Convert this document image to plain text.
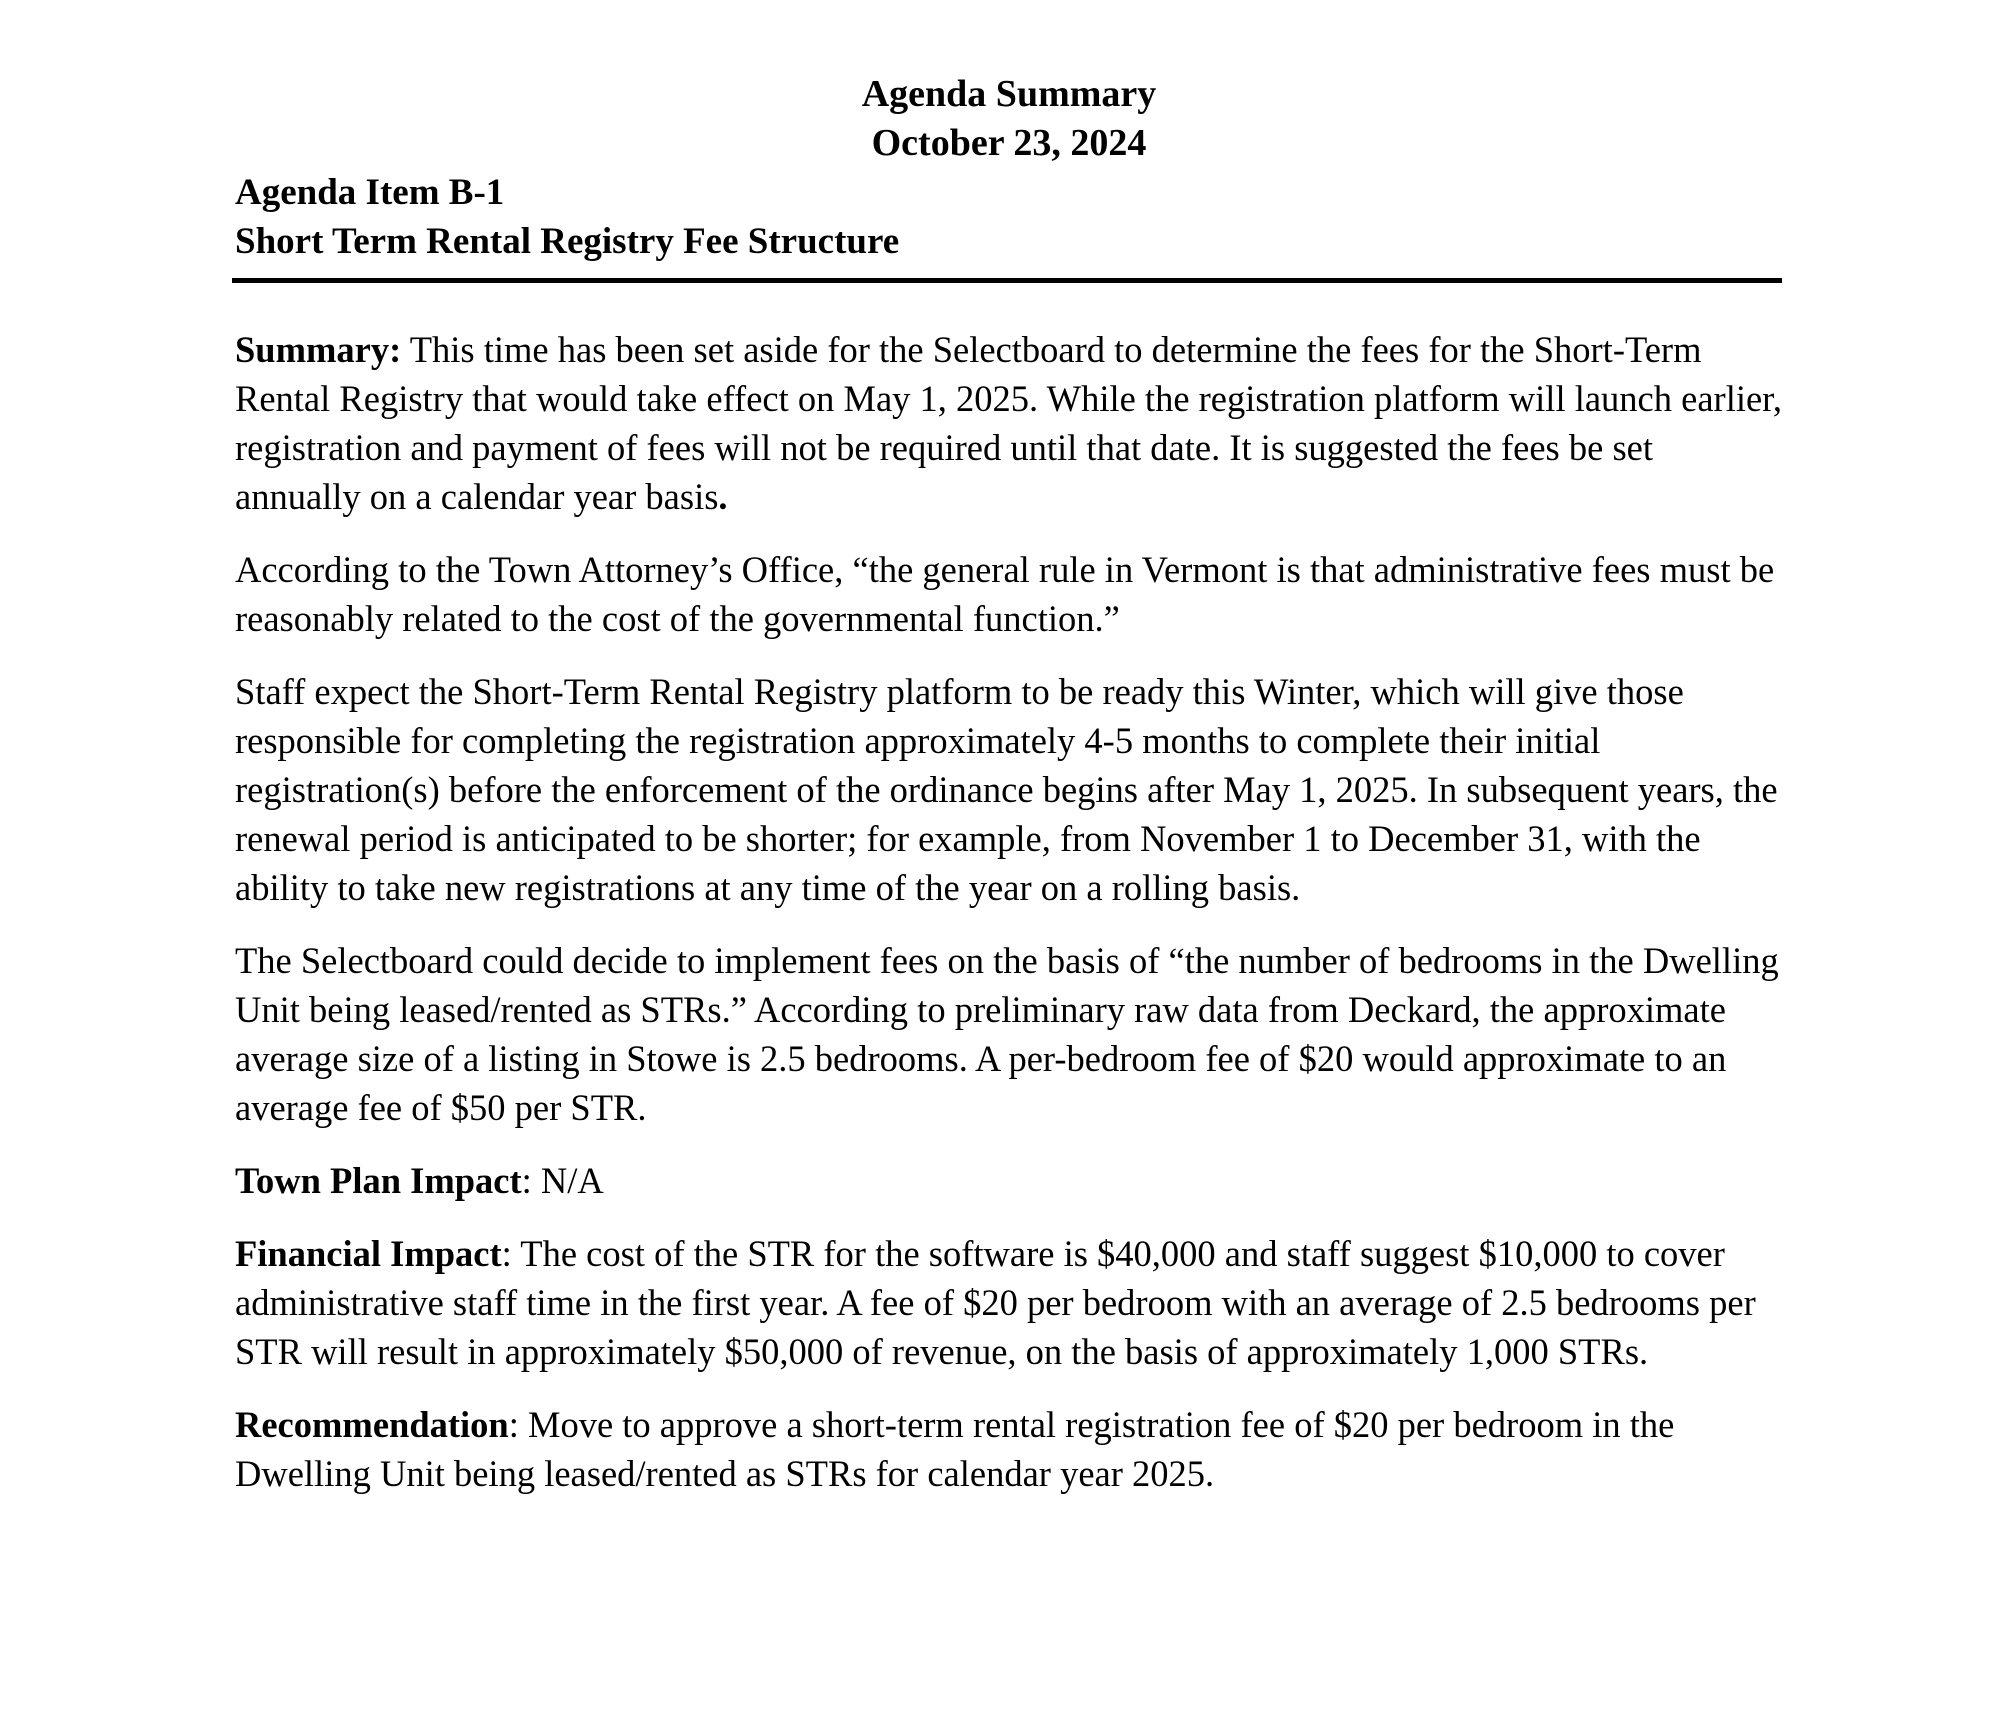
Agenda Summary
October 23, 2024
Agenda Item B-1
Short Term Rental Registry Fee Structure

Summary: This time has been set aside for the Selectboard to determine the fees for the Short-Term Rental Registry that would take effect on May 1, 2025. While the registration platform will launch earlier, registration and payment of fees will not be required until that date. It is suggested the fees be set annually on a calendar year basis.

According to the Town Attorney’s Office, “the general rule in Vermont is that administrative fees must be reasonably related to the cost of the governmental function.”

Staff expect the Short-Term Rental Registry platform to be ready this Winter, which will give those responsible for completing the registration approximately 4-5 months to complete their initial registration(s) before the enforcement of the ordinance begins after May 1, 2025. In subsequent years, the renewal period is anticipated to be shorter; for example, from November 1 to December 31, with the ability to take new registrations at any time of the year on a rolling basis.

The Selectboard could decide to implement fees on the basis of “the number of bedrooms in the Dwelling Unit being leased/rented as STRs.” According to preliminary raw data from Deckard, the approximate average size of a listing in Stowe is 2.5 bedrooms. A per-bedroom fee of $20 would approximate to an average fee of $50 per STR.

Town Plan Impact: N/A

Financial Impact: The cost of the STR for the software is $40,000 and staff suggest $10,000 to cover administrative staff time in the first year. A fee of $20 per bedroom with an average of 2.5 bedrooms per STR will result in approximately $50,000 of revenue, on the basis of approximately 1,000 STRs.

Recommendation: Move to approve a short-term rental registration fee of $20 per bedroom in the Dwelling Unit being leased/rented as STRs for calendar year 2025.
